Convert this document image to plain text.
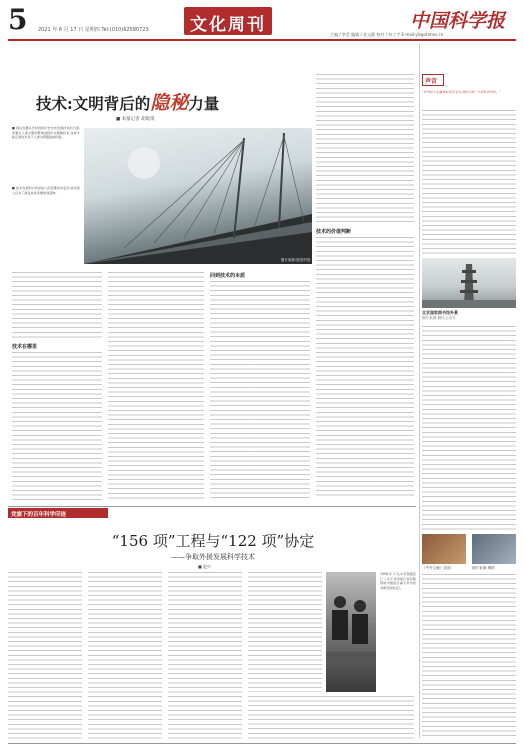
5 2021 年 6 月 17 日 星期四 Tel:(010)62580723	文化周刊	中国科学报
主编 / 李芸 编辑 / 张文静 校对 / 何工宇 E-mail:yli@stimes.cn
技术:文明背后的隐秘力量
■ 本报记者 胡珉琦
■ 我们需要从长时段的历史中去发现技术的力量,需要从人类文明的整体进程中去理解技术,这样才能正视技术对于人类文明演进的价值。
■ 技术发展的方向是由人的需要来决定的,技术是人们为了满足自身需要的创造物。
图片来源:视觉中国
技术在哪里
回到技术的本质
技术的价值判断
声音
“读书是人生最美好的事,它让我们看到一个更好的世界。”
北京国家图书馆外景
图片来源:微信公众号
《中外文献》封面	图片来源:网络
党旗下的百年科学印迹
“156 项”工程与“122 项”协定
——争取外援发展科学技术
■ 赵兴
1958 年 1 月,中苏两国签订《关于共同进行和苏联帮助中国进行重大科学技术研究的协定》。
